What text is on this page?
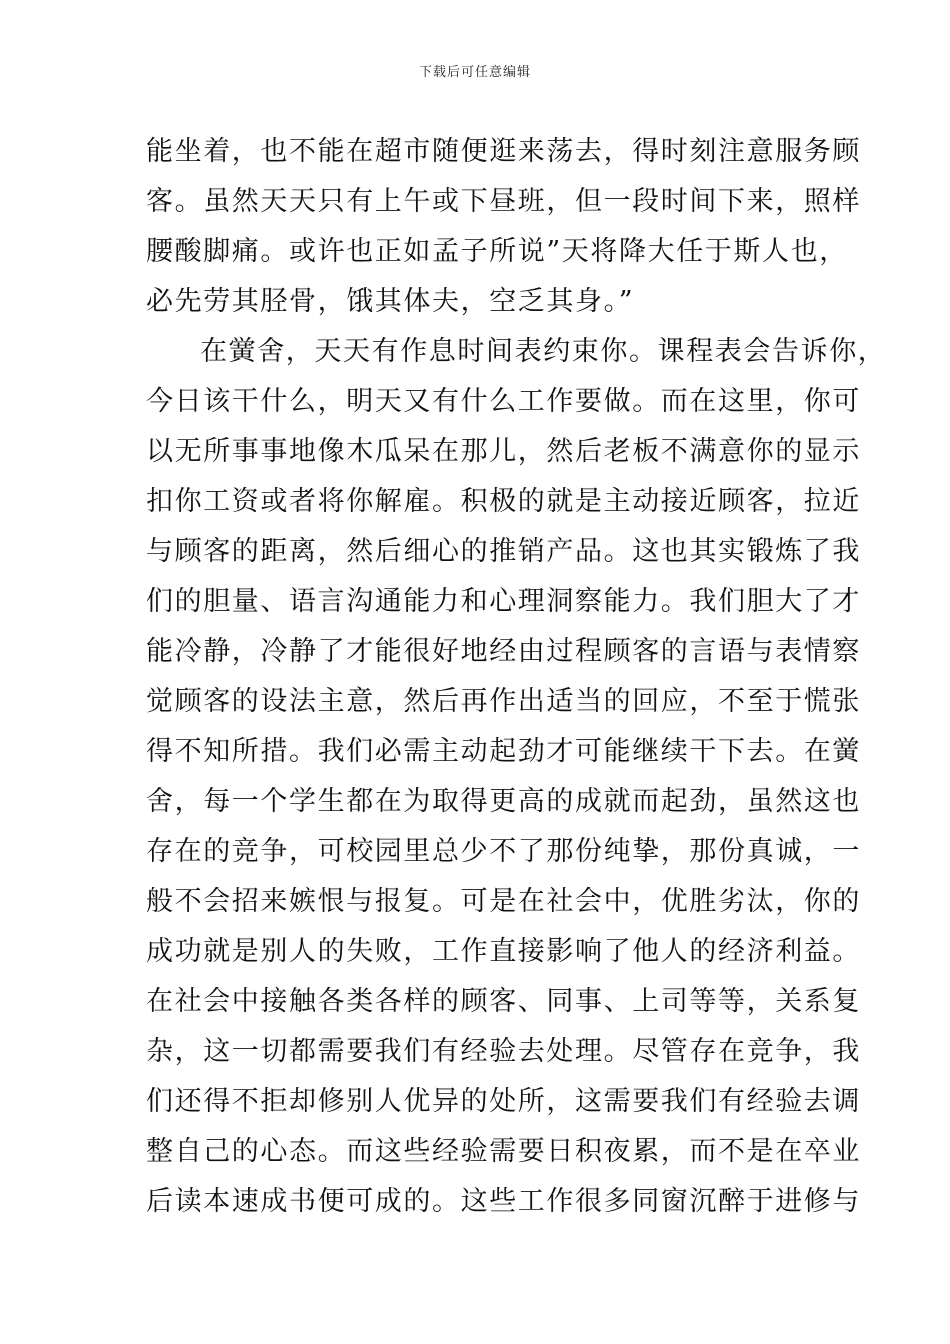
下载后可任意编辑
能坐着，也不能在超市随便逛来荡去，得时刻注意服务顾
客。虽然天天只有上午或下昼班，但一段时间下来，照样
腰酸脚痛。或许也正如孟子所说”天将降大任于斯人也，
必先劳其胫骨，饿其体夫，空乏其身。”
在黉舍，天天有作息时间表约束你。课程表会告诉你，
今日该干什么，明天又有什么工作要做。而在这里，你可
以无所事事地像木瓜呆在那儿，然后老板不满意你的显示
扣你工资或者将你解雇。积极的就是主动接近顾客，拉近
与顾客的距离，然后细心的推销产品。这也其实锻炼了我
们的胆量、语言沟通能力和心理洞察能力。我们胆大了才
能冷静，冷静了才能很好地经由过程顾客的言语与表情察
觉顾客的设法主意，然后再作出适当的回应，不至于慌张
得不知所措。我们必需主动起劲才可能继续干下去。在黉
舍，每一个学生都在为取得更高的成就而起劲，虽然这也
存在的竞争，可校园里总少不了那份纯挚，那份真诚，一
般不会招来嫉恨与报复。可是在社会中，优胜劣汰，你的
成功就是别人的失败，工作直接影响了他人的经济利益。
在社会中接触各类各样的顾客、同事、上司等等，关系复
杂，这一切都需要我们有经验去处理。尽管存在竞争，我
们还得不拒却修别人优异的处所，这需要我们有经验去调
整自己的心态。而这些经验需要日积夜累，而不是在卒业
后读本速成书便可成的。这些工作很多同窗沉醉于进修与
